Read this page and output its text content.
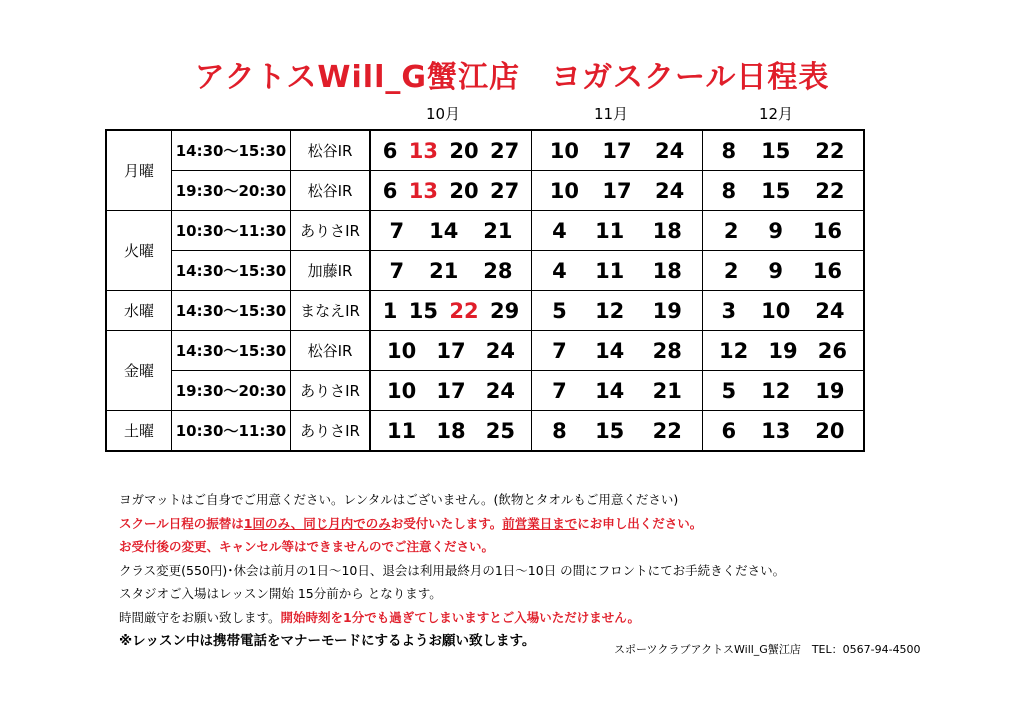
アクトスWill_G蟹江店　ヨガスクール日程表
10月	11月	12月
月曜	14:30～15:30	松谷IR	6 13 20 27	10 17 24	8 15 22

	19:30～20:30	松谷IR	6 13 20 27	10 17 24	8 15 22

火曜	10:30～11:30	ありさIR	7 14 21	4 11 18	2 9 16

	14:30～15:30	加藤IR	7 21 28	4 11 18	2 9 16

水曜	14:30～15:30	まなえIR	1 15 22 29	5 12 19	3 10 24

金曜	14:30～15:30	松谷IR	10 17 24	7 14 28	12 19 26

	19:30～20:30	ありさIR	10 17 24	7 14 21	5 12 19

土曜	10:30～11:30	ありさIR	11 18 25	8 15 22	6 13 20
ヨガマットはご自身でご用意ください。レンタルはございません。(飲物とタオルもご用意ください)
スクール日程の振替は1回のみ、同じ月内でのみお受付いたします。前営業日までにお申し出ください。
お受付後の変更、キャンセル等はできませんのでご注意ください。
クラス変更(550円)･休会は前月の1日～10日、退会は利用最終月の1日～10日 の間にフロントにてお手続きください。
スタジオご入場はレッスン開始 15分前から となります。
時間厳守をお願い致します。開始時刻を1分でも過ぎてしまいますとご入場いただけません。
※レッスン中は携帯電話をマナーモードにするようお願い致します。
スポーツクラブアクトスWill_G蟹江店　TEL：0567-94-4500
